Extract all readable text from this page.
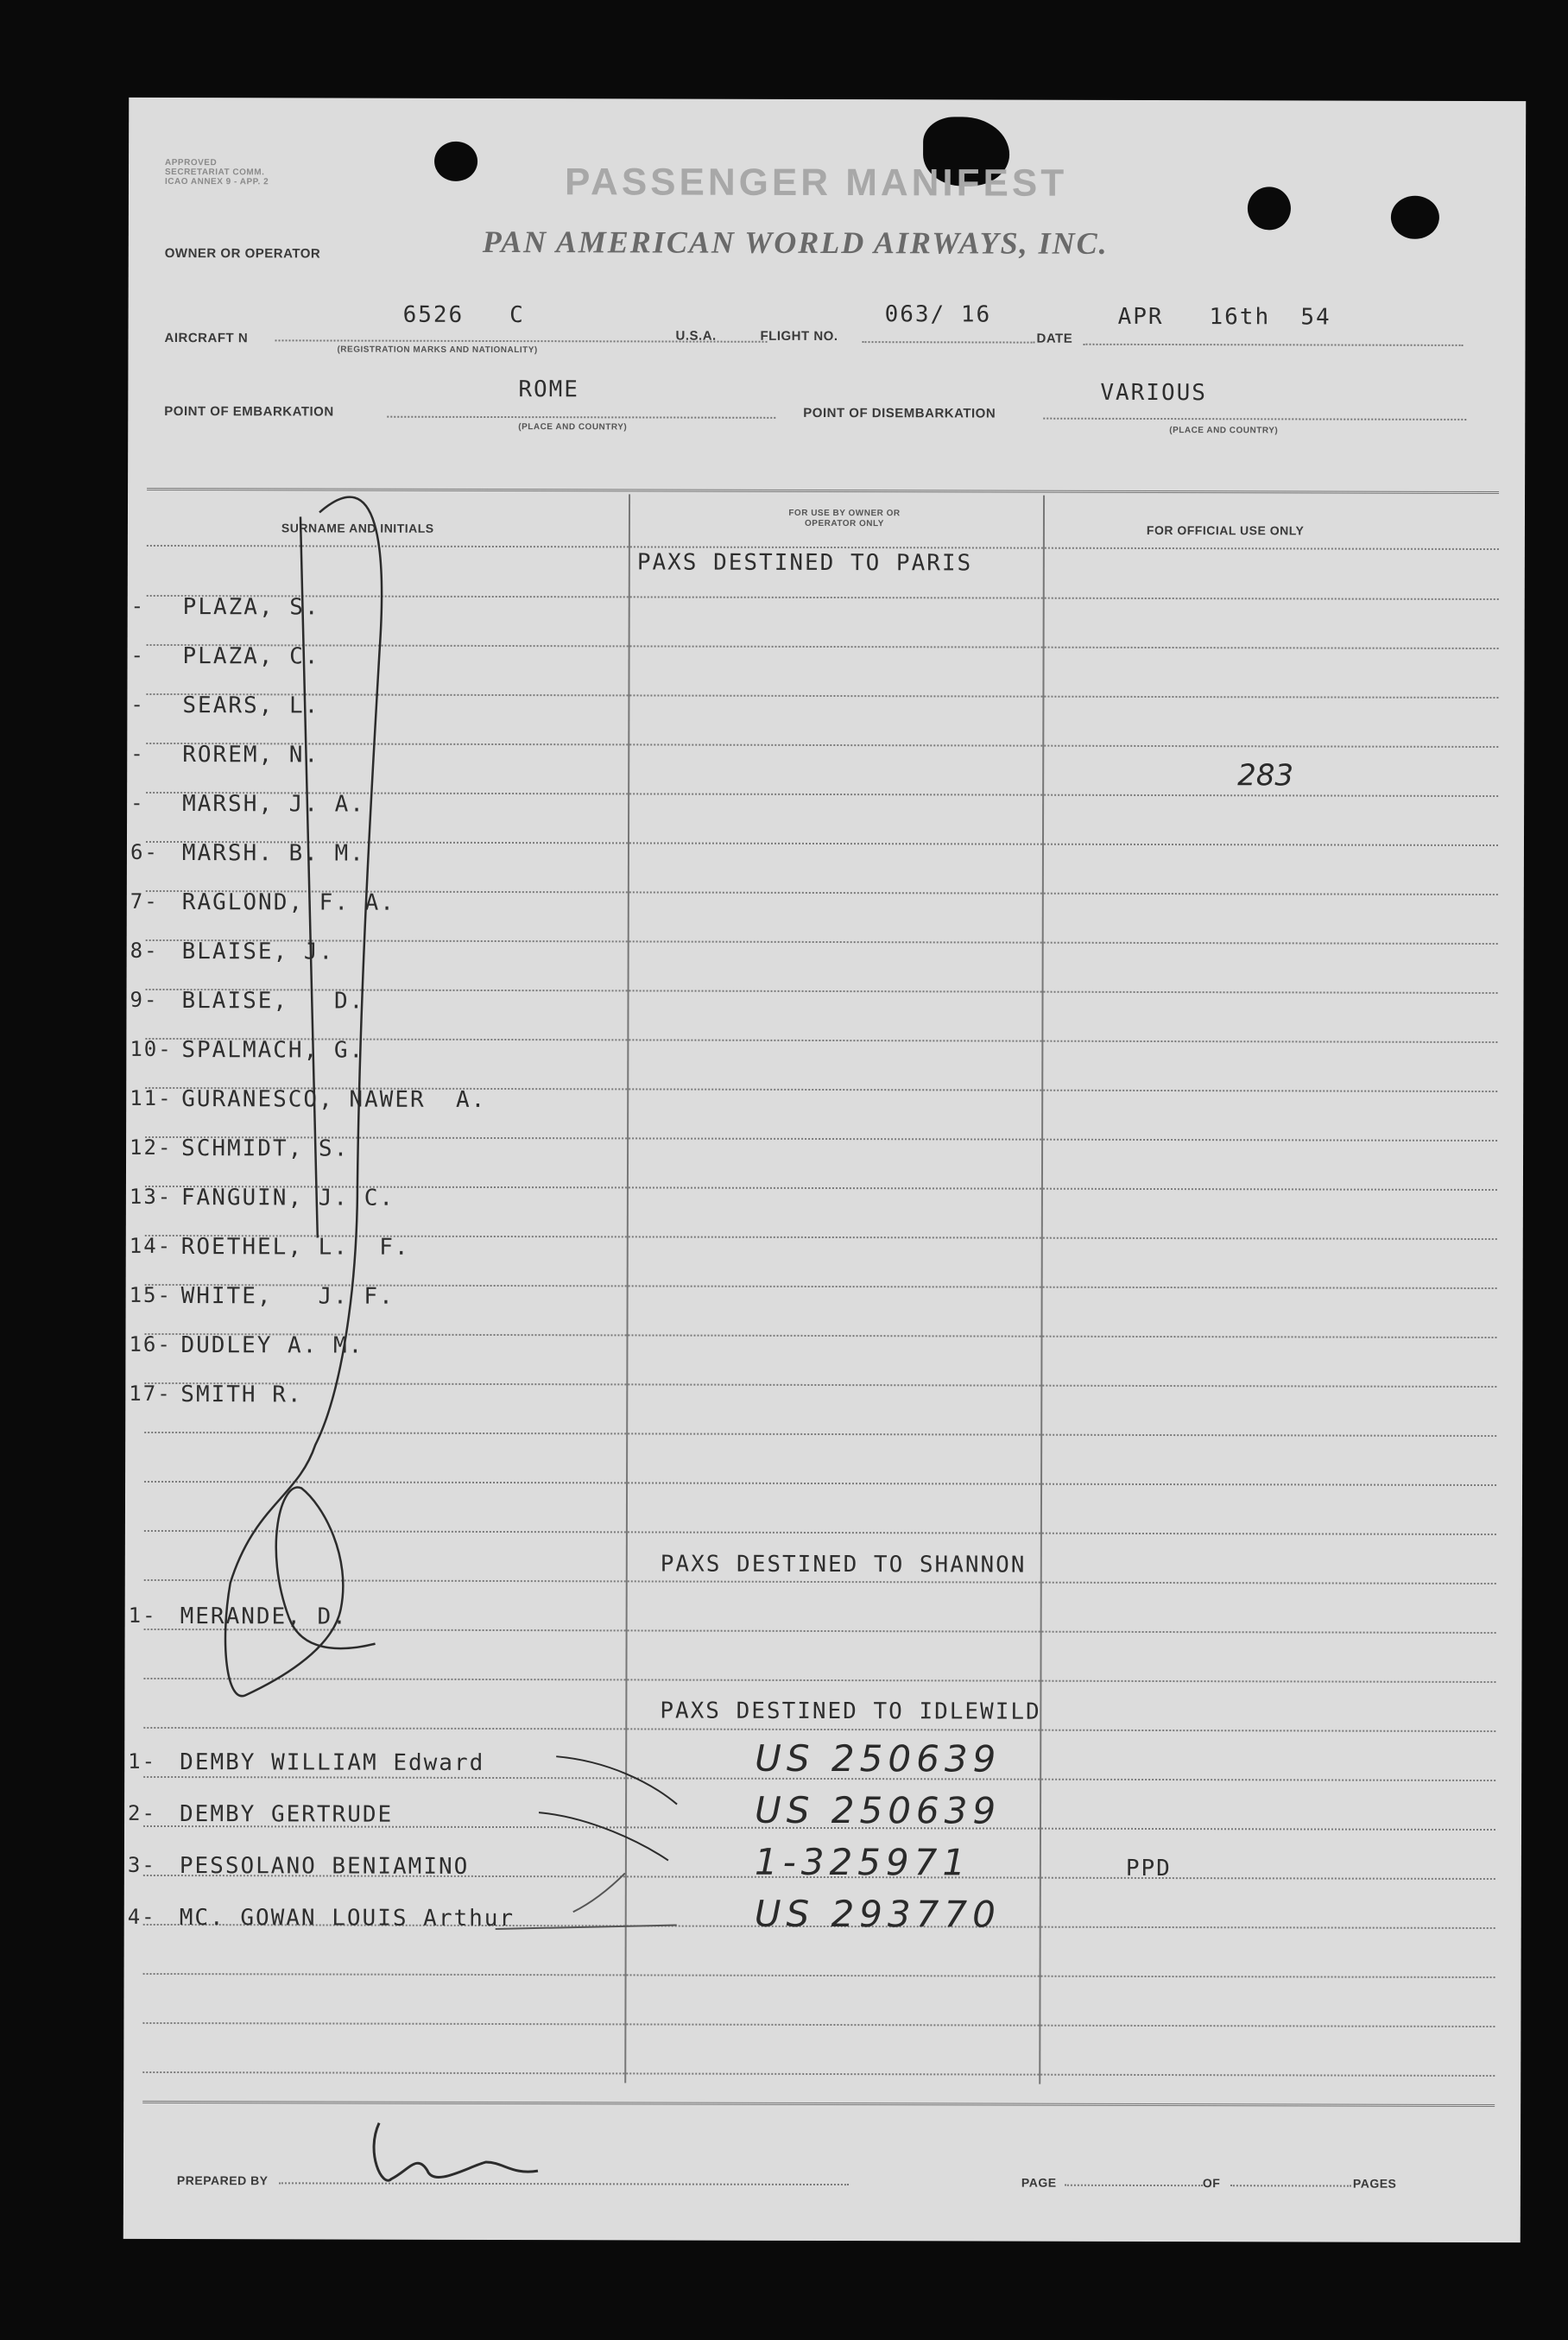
APPROVED
SECRETARIAT COMM.
ICAO ANNEX 9 - APP. 2	PASSENGER MANIFEST
OWNER OR OPERATOR	PAN AMERICAN WORLD AIRWAYS, INC.
AIRCRAFT N
6526   C
(REGISTRATION MARKS AND NATIONALITY)
U.S.A.	FLIGHT NO.
063/ 16
DATE
APR   16th  54
POINT OF EMBARKATION
ROME
(PLACE AND COUNTRY)
POINT OF DISEMBARKATION
VARIOUS
(PLACE AND COUNTRY)
SURNAME AND INITIALS
FOR USE BY OWNER OR OPERATOR ONLY	FOR OFFICIAL USE ONLY
PAXS DESTINED TO PARIS
- PLAZA, S.
- PLAZA, C.
- SEARS, L.
- ROREM, N.
- MARSH, J. A.
6- MARSH. B. M.
7- RAGLOND, F. A.
8- BLAISE, J.
9- BLAISE,   D.
10- SPALMACH, G.
11- GURANESCO, NAWER  A.
12- SCHMIDT, S.
13- FANGUIN, J. C.
14- ROETHEL, L.  F.
15- WHITE,   J. F.
16- DUDLEY A. M.
17- SMITH R.
283
PAXS DESTINED TO SHANNON
1- MERANDE, D.
PAXS DESTINED TO IDLEWILD
1- DEMBY WILLIAM Edward	US 250639
2- DEMBY GERTRUDE	US 250639
3- PESSOLANO BENIAMINO	1-325971	PPD
4- MC. GOWAN LOUIS Arthur	US 293770
PREPARED BY	PAGE	OF	PAGES
